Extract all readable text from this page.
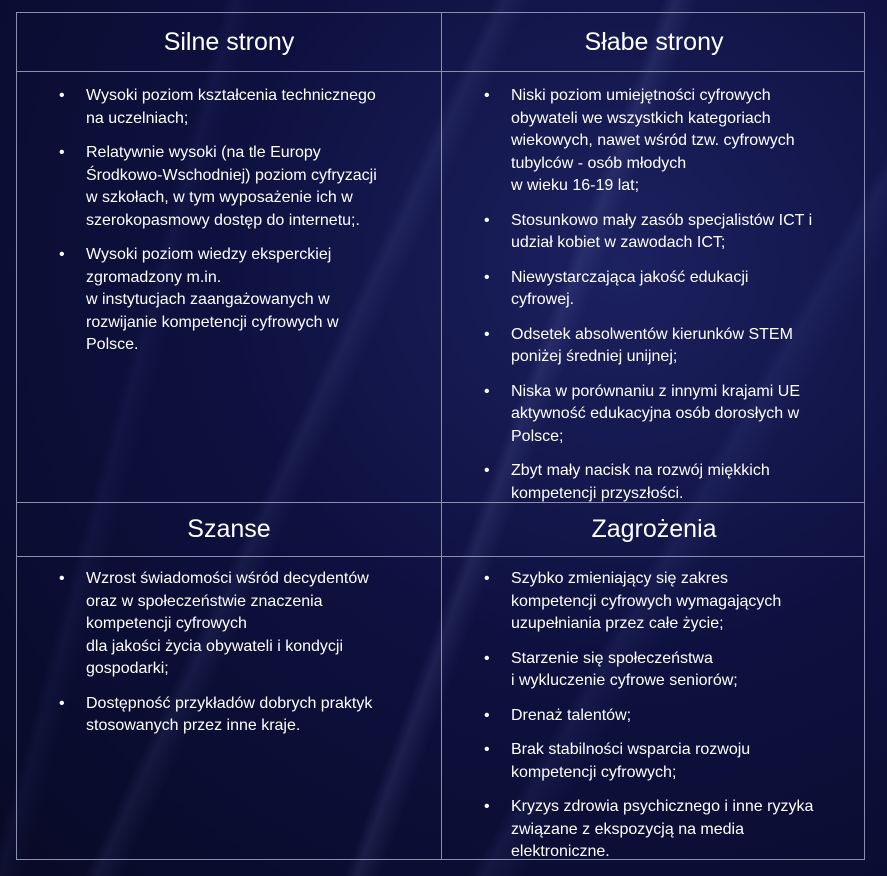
Silne strony	Słabe strony
Szanse	Zagrożenia
• Wysoki poziom kształcenia technicznego
na uczelniach;
• Relatywnie wysoki (na tle Europy
Środkowo-Wschodniej) poziom cyfryzacji
w szkołach, w tym wyposażenie ich w
szerokopasmowy dostęp do internetu;.
• Wysoki poziom wiedzy eksperckiej
zgromadzony m.in.
w instytucjach zaangażowanych w
rozwijanie kompetencji cyfrowych w
Polsce.
• Niski poziom umiejętności cyfrowych
obywateli we wszystkich kategoriach
wiekowych, nawet wśród tzw. cyfrowych
tubylców - osób młodych
w wieku 16-19 lat;
• Stosunkowo mały zasób specjalistów ICT i
udział kobiet w zawodach ICT;
• Niewystarczająca jakość edukacji
cyfrowej.
• Odsetek absolwentów kierunków STEM
poniżej średniej unijnej;
• Niska w porównaniu z innymi krajami UE
aktywność edukacyjna osób dorosłych w
Polsce;
• Zbyt mały nacisk na rozwój miękkich
kompetencji przyszłości.
• Wzrost świadomości wśród decydentów
oraz w społeczeństwie znaczenia
kompetencji cyfrowych
dla jakości życia obywateli i kondycji
gospodarki;
• Dostępność przykładów dobrych praktyk
stosowanych przez inne kraje.
• Szybko zmieniający się zakres
kompetencji cyfrowych wymagających
uzupełniania przez całe życie;
• Starzenie się społeczeństwa
i wykluczenie cyfrowe seniorów;
• Drenaż talentów;
• Brak stabilności wsparcia rozwoju
kompetencji cyfrowych;
• Kryzys zdrowia psychicznego i inne ryzyka
związane z ekspozycją na media
elektroniczne.
